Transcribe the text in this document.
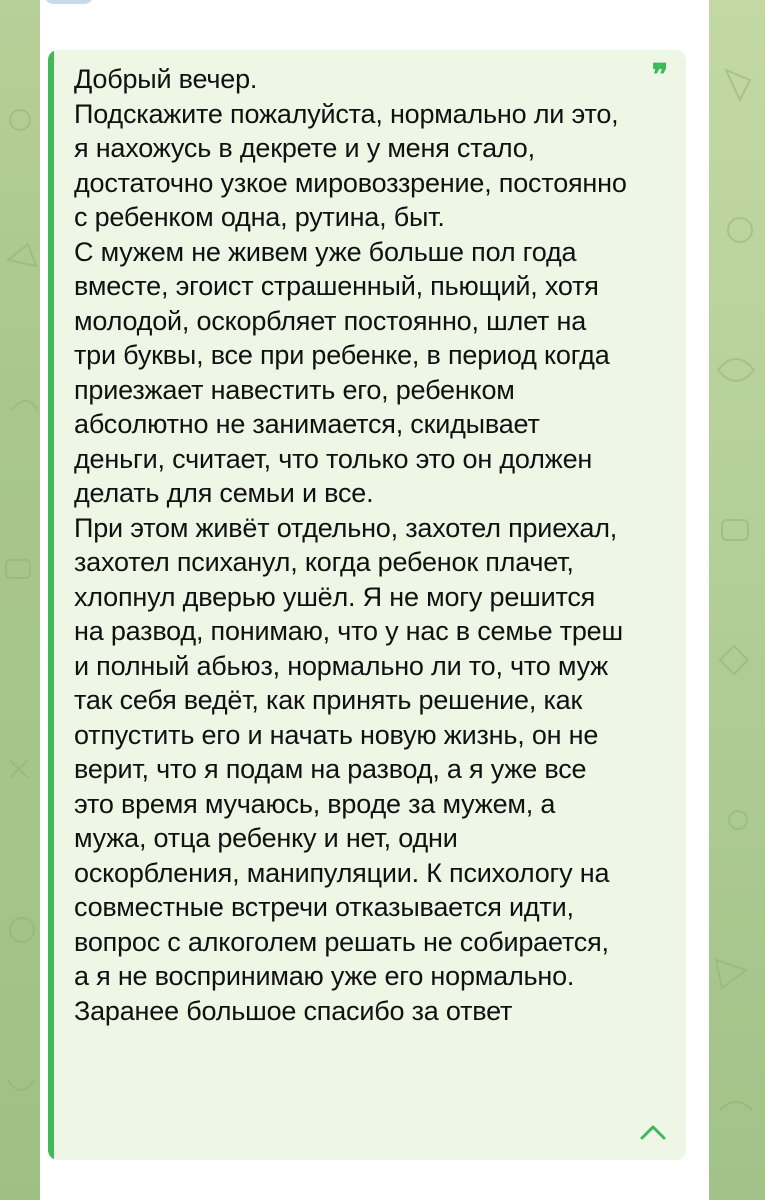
Добрый вечер.
Подскажите пожалуйста, нормально ли это, я нахожусь в декрете и у меня стало, достаточно узкое мировоззрение, постоянно с ребенком одна, рутина, быт.
С мужем не живем уже больше пол года вместе, эгоист страшенный, пьющий, хотя молодой, оскорбляет постоянно, шлет на три буквы, все при ребенке, в период когда приезжает навестить его, ребенком абсолютно не занимается, скидывает деньги, считает, что только это он должен делать для семьи и все.
При этом живёт отдельно, захотел приехал, захотел психанул, когда ребенок плачет, хлопнул дверью ушёл. Я не могу решится на развод, понимаю, что у нас в семье треш и полный абьюз, нормально ли то, что муж так себя ведёт, как принять решение, как отпустить его и начать новую жизнь, он не верит, что я подам на развод, а я уже все это время мучаюсь, вроде за мужем, а мужа, отца ребенку и нет, одни оскорбления, манипуляции. К психологу на совместные встречи отказывается идти, вопрос с алкоголем решать не собирается, а я не воспринимаю уже его нормально. Заранее большое спасибо за ответ
❞
